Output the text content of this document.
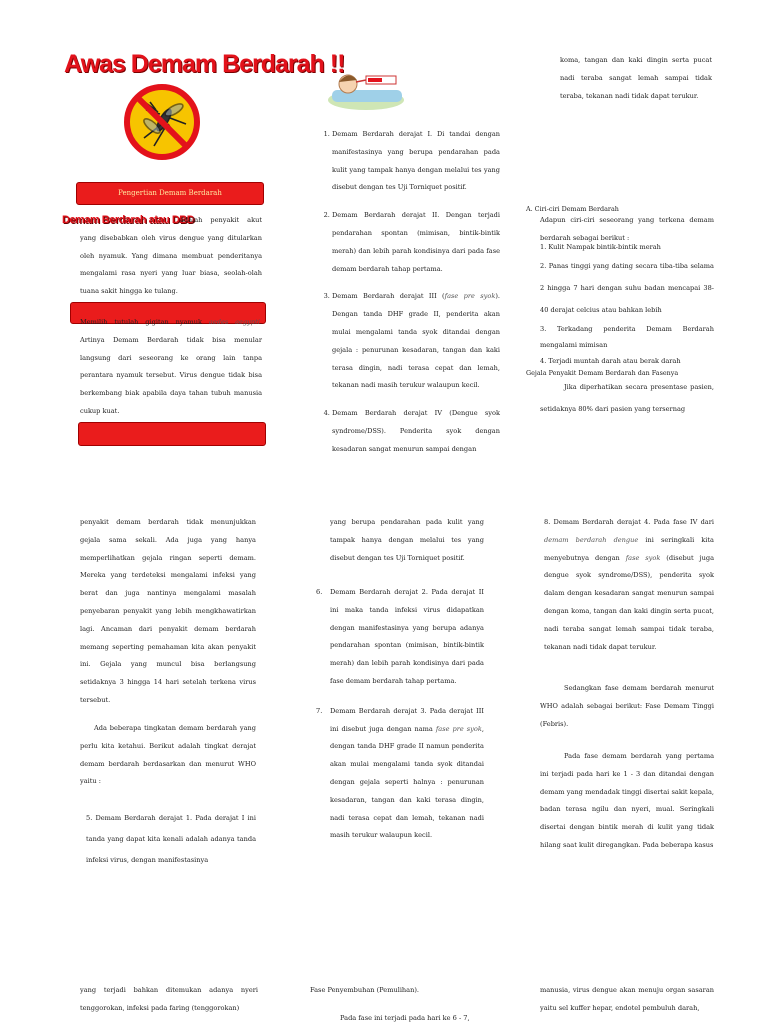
Awas Demam Berdarah !!
Pengertian Demam Berdarah
Demam Berdarah atau DBD

adalah penyakit akut yang disebabkan oleh virus dengue yang ditularkan oleh nyamuk. Yang dimana membuat penderitanya mengalami rasa nyeri yang luar biasa, seolah-olah tuana sakit hingga ke tulang.

Memilih tutulah gigitan nyamuk aedes aegypti. Artinya Demam Berdarah tidak bisa menular langsung dari seseorang ke orang lain tanpa perantara nyamuk tersebut. Virus dengue tidak bisa berkembang biak apabila daya tahan tubuh manusia cukup kuat.

1. Demam Berdarah derajat I. Di tandai dengan manifestasinya yang berupa pendarahan pada kulit yang tampak hanya dengan melalui tes yang disebut dengan tes Uji Torniquet positif.
2. Demam Berdarah derajat II. Dengan terjadi pendarahan spontan (mimisan, bintik-bintik merah) dan lebih parah kondisinya dari pada fase demam berdarah tahap pertama.
3. Demam Berdarah derajat III (fase pre syok). Dengan tanda DHF grade II, penderita akan mulai mengalami tanda syok ditandai dengan gejala : penurunan kesadaran, tangan dan kaki terasa dingin, nadi terasa cepat dan lemah, tekanan nadi masih terukur walaupun kecil.
4. Demam Berdarah derajat IV (Dengue syok syndrome/DSS). Penderita syok dengan kesadaran sangat menurun sampai dengan

koma, tangan dan kaki dingin serta pucat nadi teraba sangat lemah sampai tidak teraba, tekanan nadi tidak dapat terukur.

A. Ciri-ciri Demam Berdarah

Adapun ciri-ciri seseorang yang terkena demam berdarah sebagai berikut :

1. Kulit Nampak bintik-bintik merah
2. Panas tinggi yang dating secara tiba-tiba selama 2 hingga 7 hari dengan suhu badan mencapai 38-40 derajat celcius atau bahkan lebih
3. Terkadang penderita Demam Berdarah mengalami mimisan
4. Terjadi muntah darah atau berak darah
Gejala Penyakit Demam Berdarah dan Fasenya

Jika diperhatikan secara presentase pasien, setidaknya 80% dari pasien yang tersernag

penyakit demam berdarah tidak menunjukkan gejala sama sekali. Ada juga yang hanya memperlihatkan gejala ringan seperti demam. Mereka yang terdeteksi mengalami infeksi yang berat dan juga nantinya mengalami masalah penyebaran penyakit yang lebih mengkhawatirkan lagi. Ancaman dari penyakit demam berdarah memang seperting pemahaman kita akan penyakit ini. Gejala yang muncul bisa berlangsung setidaknya 3 hingga 14 hari setelah terkena virus tersebut.

Ada beberapa tingkatan demam berdarah yang perlu kita ketahui. Berikut adalah tingkat derajat demam berdarah berdasarkan dan menurut WHO yaitu :

5. Demam Berdarah derajat 1. Pada derajat I ini tanda yang dapat kita kenali adalah adanya tanda infeksi virus, dengan manifestasinya

yang berupa pendarahan pada kulit yang tampak hanya dengan melalui tes yang disebut dengan tes Uji Torniquet positif.

6.	Demam Berdarah derajat 2. Pada derajat II ini maka tanda infeksi virus didapatkan dengan manifestasinya yang berupa adanya pendarahan spontan (mimisan, bintik-bintik merah) dan lebih parah kondisinya dari pada fase demam berdarah tahap pertama.
7.	Demam Berdarah derajat 3. Pada derajat III ini disebut juga dengan nama fase pre syok, dengan tanda DHF grade II namun penderita akan mulai mengalami tanda syok ditandai dengan gejala seperti halnya : penurunan kesadaran, tangan dan kaki terasa dingin, nadi terasa cepat dan lemah, tekanan nadi masih terukur walaupun kecil.

8. Demam Berdarah derajat 4. Pada fase IV dari demam berdarah dengue ini seringkali kita menyebutnya dengan fase syok (disebut juga dengue syok syndrome/DSS), penderita syok dalam dengan kesadaran sangat menurun sampai dengan koma, tangan dan kaki dingin serta pucat, nadi teraba sangat lemah sampai tidak teraba, tekanan nadi tidak dapat terukur.

Sedangkan fase demam berdarah menurut WHO adalah sebagai berikut: Fase Demam Tinggi (Febris).

Pada fase demam berdarah yang pertama ini terjadi pada hari ke 1 - 3 dan ditandai dengan demam yang mendadak tinggi disertai sakit kepala, badan terasa ngilu dan nyeri, mual. Seringkali disertai dengan bintik merah di kulit yang tidak hilang saat kulit diregangkan. Pada beberapa kasus

yang terjadi bahkan ditemukan adanya nyeri tenggorokan, infeksi pada faring (tenggorokan)

Fase Penyembuhan (Pemulihan).

Pada fase ini terjadi pada hari ke 6 - 7,

manusia, virus dengue akan menuju organ sasaran yaitu sel kuffer hepar, endotel pembuluh darah,
